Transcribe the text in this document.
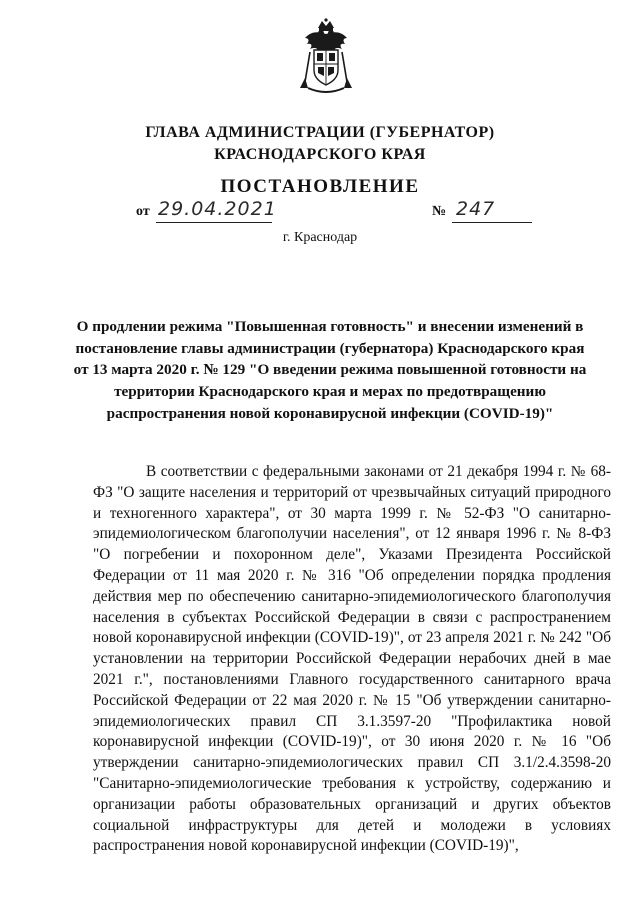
ГЛАВА АДМИНИСТРАЦИИ (ГУБЕРНАТОР)
КРАСНОДАРСКОГО КРАЯ
ПОСТАНОВЛЕНИЕ
от 29.04.2021	№ 247
г. Краснодар
О продлении режима "Повышенная готовность" и внесении изменений в постановление главы администрации (губернатора) Краснодарского края от 13 марта 2020 г. № 129 "О введении режима повышенной готовности на территории Краснодарского края и мерах по предотвращению распространения новой коронавирусной инфекции (COVID-19)"

В соответствии с федеральными законами от 21 декабря 1994 г. № 68-ФЗ "О защите населения и территорий от чрезвычайных ситуаций природного и техногенного характера", от 30 марта 1999 г. № 52-ФЗ "О санитарно-эпидемиологическом благополучии населения", от 12 января 1996 г. № 8-ФЗ "О погребении и похоронном деле", Указами Президента Российской Федерации от 11 мая 2020 г. № 316 "Об определении порядка продления действия мер по обеспечению санитарно-эпидемиологического благополучия населения в субъектах Российской Федерации в связи с распространением новой коронавирусной инфекции (COVID-19)", от 23 апреля 2021 г. № 242 "Об установлении на территории Российской Федерации нерабочих дней в мае 2021 г.", постановлениями Главного государственного санитарного врача Российской Федерации от 22 мая 2020 г. № 15 "Об утверждении санитарно-эпидемиологических правил СП 3.1.3597-20 "Профилактика новой коронавирусной инфекции (COVID-19)", от 30 июня 2020 г. № 16 "Об утверждении санитарно-эпидемиологических правил СП 3.1/2.4.3598-20 "Санитарно-эпидемиологические требования к устройству, содержанию и организации работы образовательных организаций и других объектов социальной инфраструктуры для детей и молодежи в условиях распространения новой коронавирусной инфекции (COVID-19)",
